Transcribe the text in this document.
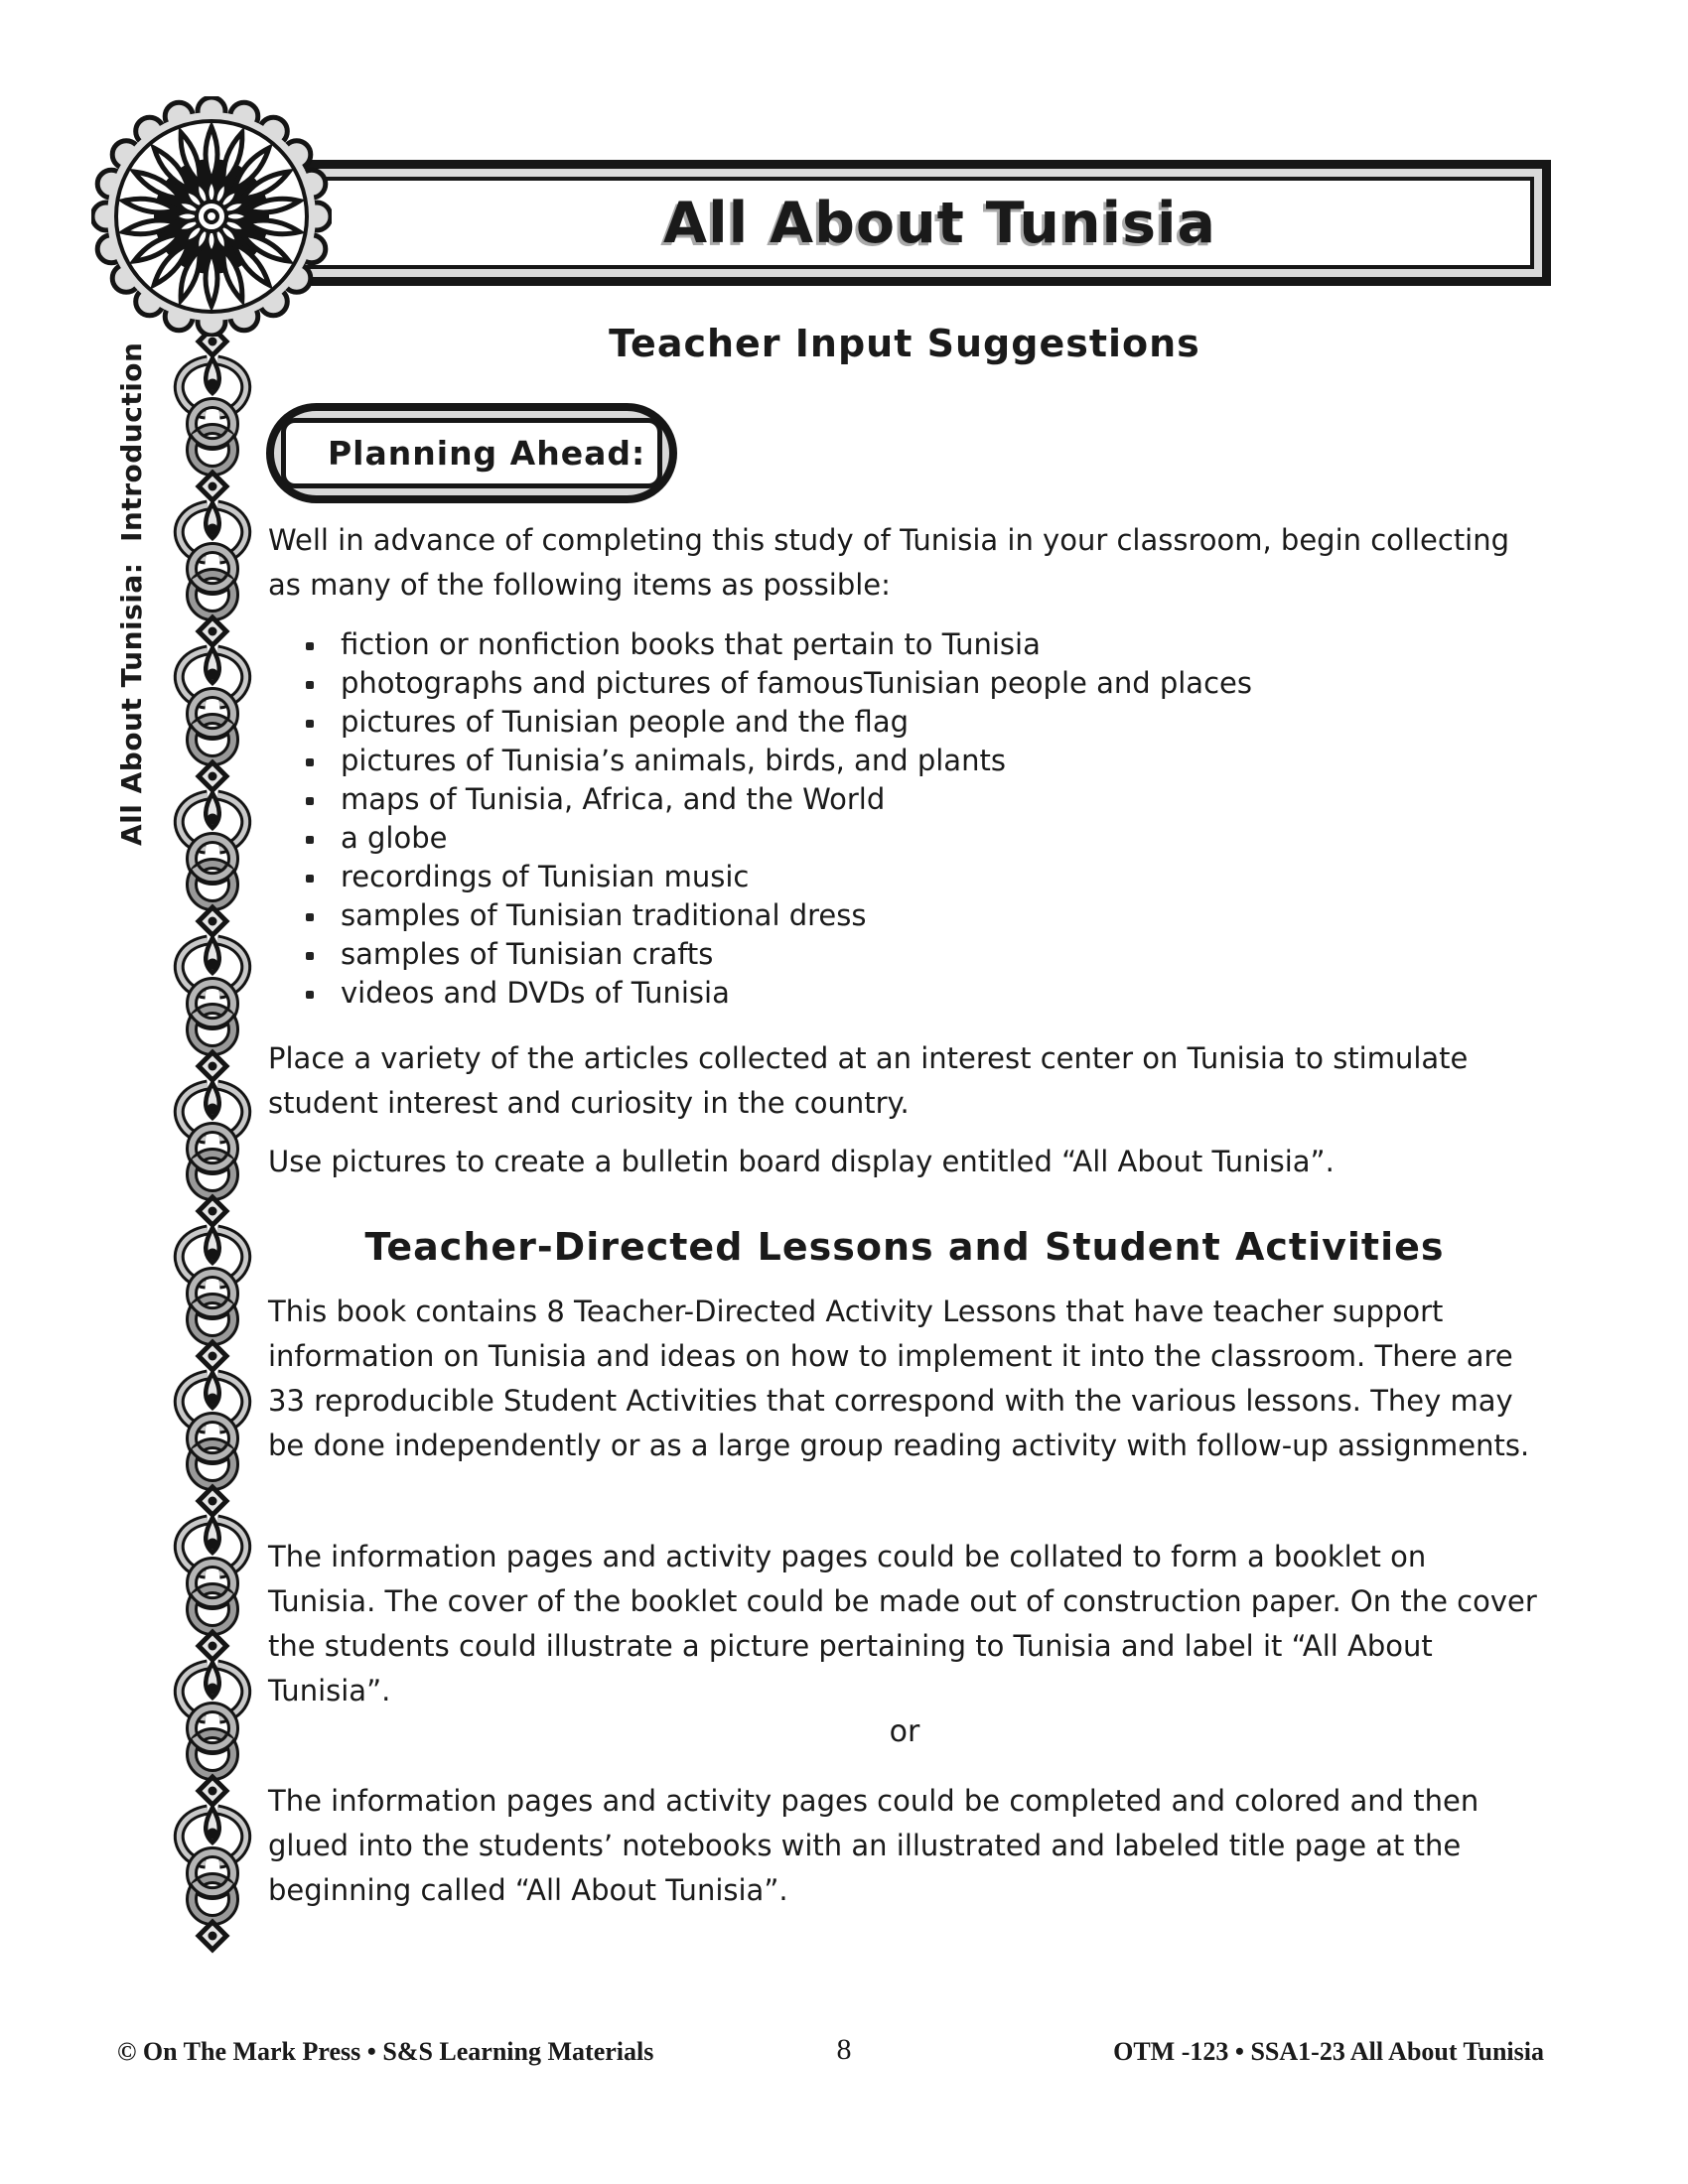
All About Tunisia
All About Tunisia:  Introduction	Teacher Input Suggestions
Planning Ahead:

Well in advance of completing this study of Tunisia in your classroom, begin collecting as many of the following items as possible:

fiction or nonfiction books that pertain to Tunisia
photographs and pictures of famousTunisian people and places
pictures of Tunisian people and the flag
pictures of Tunisia’s animals, birds, and plants
maps of Tunisia, Africa, and the World
a globe
recordings of Tunisian music
samples of Tunisian traditional dress
samples of Tunisian crafts
videos and DVDs of Tunisia

Place a variety of the articles collected at an interest center on Tunisia to stimulate student interest and curiosity in the country.

Use pictures to create a bulletin board display entitled “All About Tunisia”.

Teacher-Directed Lessons and Student Activities

This book contains 8 Teacher-Directed Activity Lessons that have teacher support information on Tunisia and ideas on how to implement it into the classroom. There are 33 reproducible Student Activities that correspond with the various lessons. They may be done independently or as a large group reading activity with follow-up assignments.

The information pages and activity pages could be collated to form a booklet on Tunisia. The cover of the booklet could be made out of construction paper. On the cover the students could illustrate a picture pertaining to Tunisia and label it “All About Tunisia”.

or

The information pages and activity pages could be completed and colored and then glued into the students’ notebooks with an illustrated and labeled title page at the beginning called “All About Tunisia”.

© On The Mark Press • S&S Learning Materials	8	OTM -123 • SSA1-23 All About Tunisia
